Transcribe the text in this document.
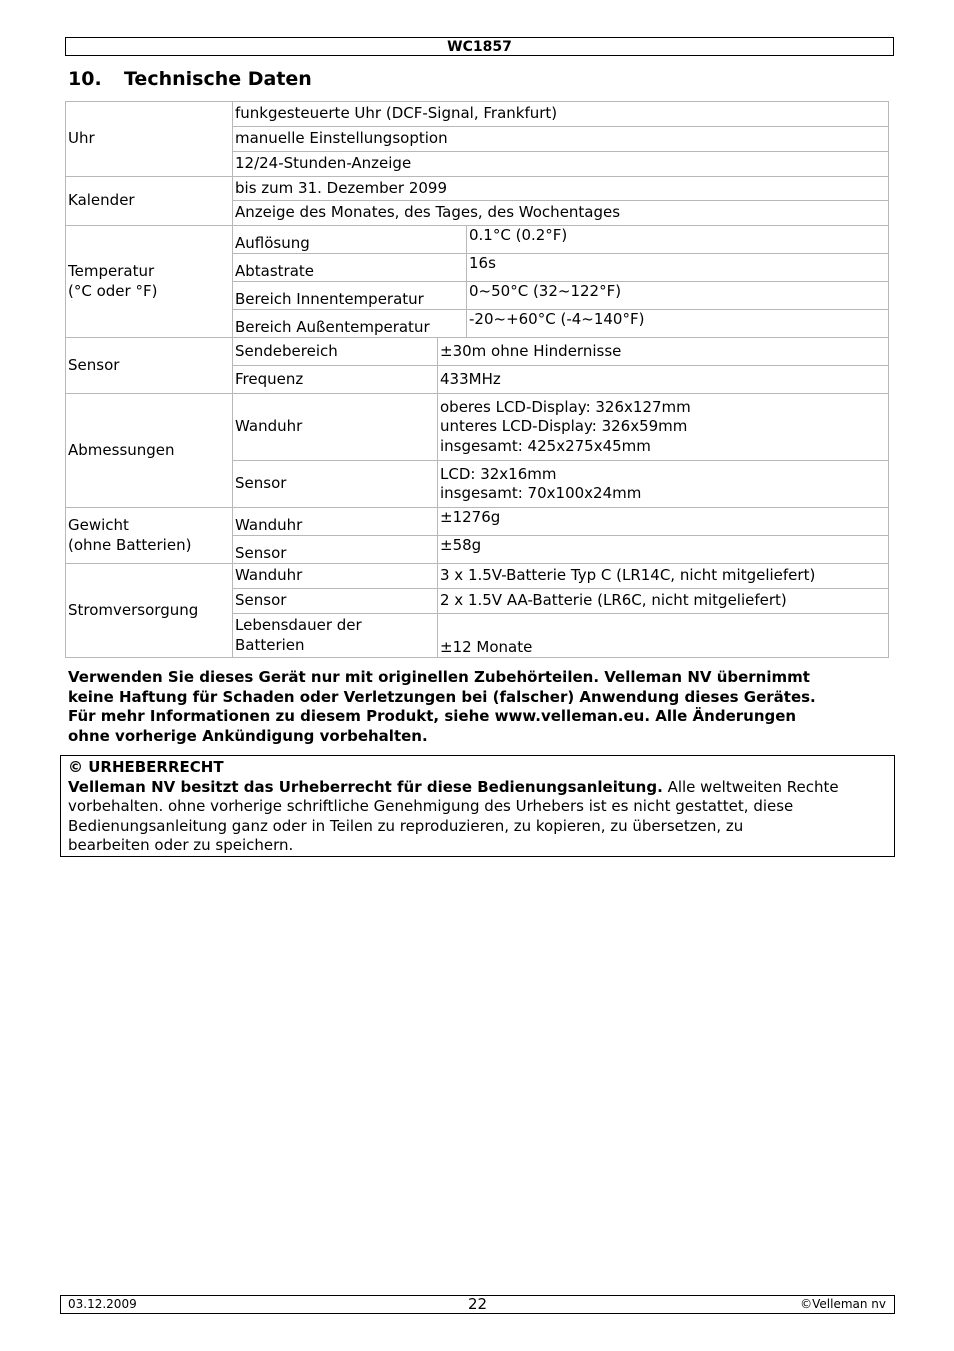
WC1857
10. Technische Daten
Uhr	funkgesteuerte Uhr (DCF-Signal, Frankfurt)		
	manuelle Einstellungsoption		
	12/24-Stunden-Anzeige		
Kalender	bis zum 31. Dezember 2099		
	Anzeige des Monates, des Tages, des Wochentages		

Temperatur
(°C oder °F)	Auflösung		0.1°C (0.2°F)
	Abtastrate		16s
	Bereich Innentemperatur		0~50°C (32~122°F)
	Bereich Außentemperatur		-20~+60°C (-4~140°F)
Sensor	Sendebereich	±30m ohne Hindernisse	
	Frequenz	433MHz	
Abmessungen	Wanduhr	oberes LCD-Display: 326x127mm
unteres LCD-Display: 326x59mm
insgesamt: 425x275x45mm	

	Sensor	LCD: 32x16mm
insgesamt: 70x100x24mm	

Gewicht
(ohne Batterien)	Wanduhr	±1276g	
	Sensor	±58g	
Stromversorgung	Wanduhr	3 x 1.5V-Batterie Typ C (LR14C, nicht mitgeliefert)	
	Sensor	2 x 1.5V AA-Batterie (LR6C, nicht mitgeliefert)	

	Lebensdauer der
Batterien	±12 Monate	
Verwenden Sie dieses Gerät nur mit originellen Zubehörteilen. Velleman NV übernimmt
keine Haftung für Schaden oder Verletzungen bei (falscher) Anwendung dieses Gerätes.
Für mehr Informationen zu diesem Produkt, siehe www.velleman.eu. Alle Änderungen
ohne vorherige Ankündigung vorbehalten.
© URHEBERRECHT
Velleman NV besitzt das Urheberrecht für diese Bedienungsanleitung. Alle weltweiten Rechte
vorbehalten. ohne vorherige schriftliche Genehmigung des Urhebers ist es nicht gestattet, diese
Bedienungsanleitung ganz oder in Teilen zu reproduzieren, zu kopieren, zu übersetzen, zu
bearbeiten oder zu speichern.
03.12.2009	22	©Velleman nv
